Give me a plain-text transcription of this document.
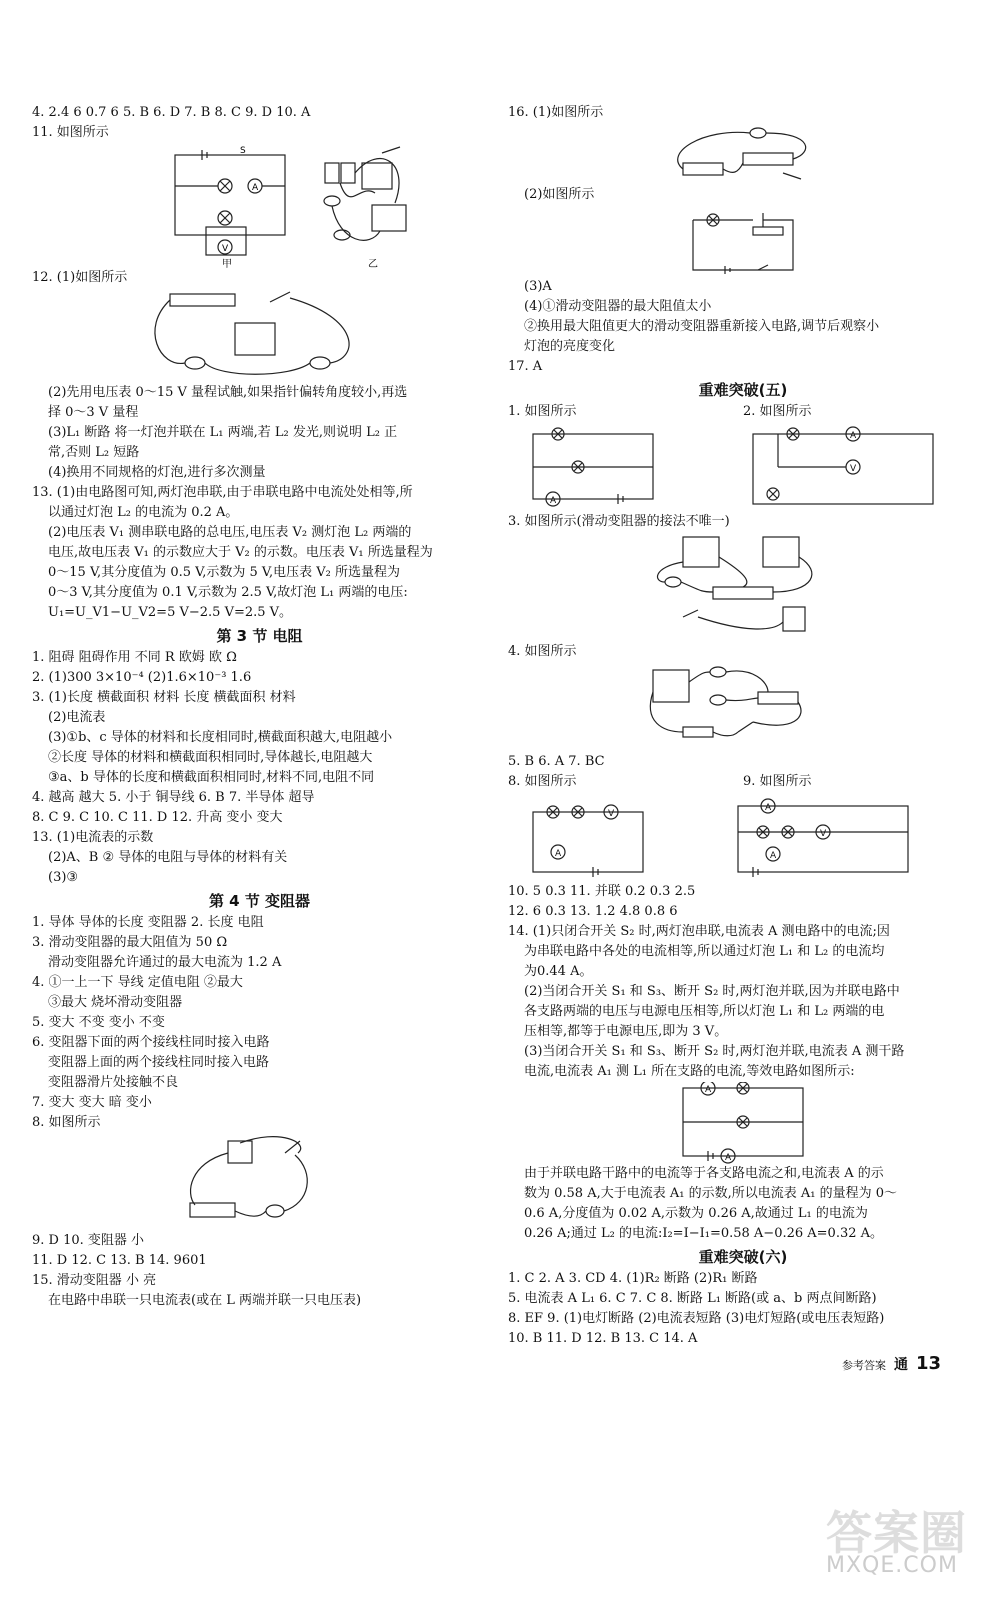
4. 2.4 6 0.7 6 5. B 6. D 7. B 8. C 9. D 10. A

11. 如图所示

A
V
S
甲	乙

12. (1)如图所示

(2)先用电压表 0～15 V 量程试触,如果指针偏转角度较小,再选

择 0～3 V 量程

(3)L₁ 断路 将一灯泡并联在 L₁ 两端,若 L₂ 发光,则说明 L₂ 正

常,否则 L₂ 短路

(4)换用不同规格的灯泡,进行多次测量

13. (1)由电路图可知,两灯泡串联,由于串联电路中电流处处相等,所

以通过灯泡 L₂ 的电流为 0.2 A。

(2)电压表 V₁ 测串联电路的总电压,电压表 V₂ 测灯泡 L₂ 两端的

电压,故电压表 V₁ 的示数应大于 V₂ 的示数。电压表 V₁ 所选量程为

0～15 V,其分度值为 0.5 V,示数为 5 V,电压表 V₂ 所选量程为

0～3 V,其分度值为 0.1 V,示数为 2.5 V,故灯泡 L₁ 两端的电压:

U₁=U_V1−U_V2=5 V−2.5 V=2.5 V。

第 3 节 电阻

1. 阻碍 阻碍作用 不同 R 欧姆 欧 Ω

2. (1)300 3×10⁻⁴ (2)1.6×10⁻³ 1.6

3. (1)长度 横截面积 材料 长度 横截面积 材料

(2)电流表

(3)①b、c 导体的材料和长度相同时,横截面积越大,电阻越小

②长度 导体的材料和横截面积相同时,导体越长,电阻越大

③a、b 导体的长度和横截面积相同时,材料不同,电阻不同

4. 越高 越大 5. 小于 铜导线 6. B 7. 半导体 超导

8. C 9. C 10. C 11. D 12. 升高 变小 变大

13. (1)电流表的示数

(2)A、B ② 导体的电阻与导体的材料有关

(3)③

第 4 节 变阻器

1. 导体 导体的长度 变阻器 2. 长度 电阻

3. 滑动变阻器的最大阻值为 50 Ω

滑动变阻器允许通过的最大电流为 1.2 A

4. ①一上一下 导线 定值电阻 ②最大

③最大 烧坏滑动变阻器

5. 变大 不变 变小 不变

6. 变阻器下面的两个接线柱同时接入电路

变阻器上面的两个接线柱同时接入电路

变阻器滑片处接触不良

7. 变大 变大 暗 变小

8. 如图所示

9. D 10. 变阻器 小

11. D 12. C 13. B 14. 9601

15. 滑动变阻器 小 亮

在电路中串联一只电流表(或在 L 两端并联一只电压表)

16. (1)如图所示

(2)如图所示

(3)A

(4)①滑动变阻器的最大阻值太小

②换用最大阻值更大的滑动变阻器重新接入电路,调节后观察小

灯泡的亮度变化

17. A

重难突破(五)

1. 如图所示	2. 如图所示

A
A
V

3. 如图所示(滑动变阻器的接法不唯一)

4. 如图所示

5. B 6. A 7. BC

8. 如图所示	9. 如图所示

V
A
A
V
A

10. 5 0.3 11. 并联 0.2 0.3 2.5

12. 6 0.3 13. 1.2 4.8 0.8 6

14. (1)只闭合开关 S₂ 时,两灯泡串联,电流表 A 测电路中的电流;因

为串联电路中各处的电流相等,所以通过灯泡 L₁ 和 L₂ 的电流均

为0.44 A。

(2)当闭合开关 S₁ 和 S₃、断开 S₂ 时,两灯泡并联,因为并联电路中

各支路两端的电压与电源电压相等,所以灯泡 L₁ 和 L₂ 两端的电

压相等,都等于电源电压,即为 3 V。

(3)当闭合开关 S₁ 和 S₃、断开 S₂ 时,两灯泡并联,电流表 A 测干路

电流,电流表 A₁ 测 L₁ 所在支路的电流,等效电路如图所示:

A
A

由于并联电路干路中的电流等于各支路电流之和,电流表 A 的示

数为 0.58 A,大于电流表 A₁ 的示数,所以电流表 A₁ 的量程为 0～

0.6 A,分度值为 0.02 A,示数为 0.26 A,故通过 L₁ 的电流为

0.26 A;通过 L₂ 的电流:I₂=I−I₁=0.58 A−0.26 A=0.32 A。

重难突破(六)

1. C 2. A 3. CD 4. (1)R₂ 断路 (2)R₁ 断路

5. 电流表 A L₁ 6. C 7. C 8. 断路 L₁ 断路(或 a、b 两点间断路)

8. EF 9. (1)电灯断路 (2)电流表短路 (3)电灯短路(或电压表短路)

10. B 11. D 12. B 13. C 14. A

参考答案 通 13
答案圈
MXQE.COM
